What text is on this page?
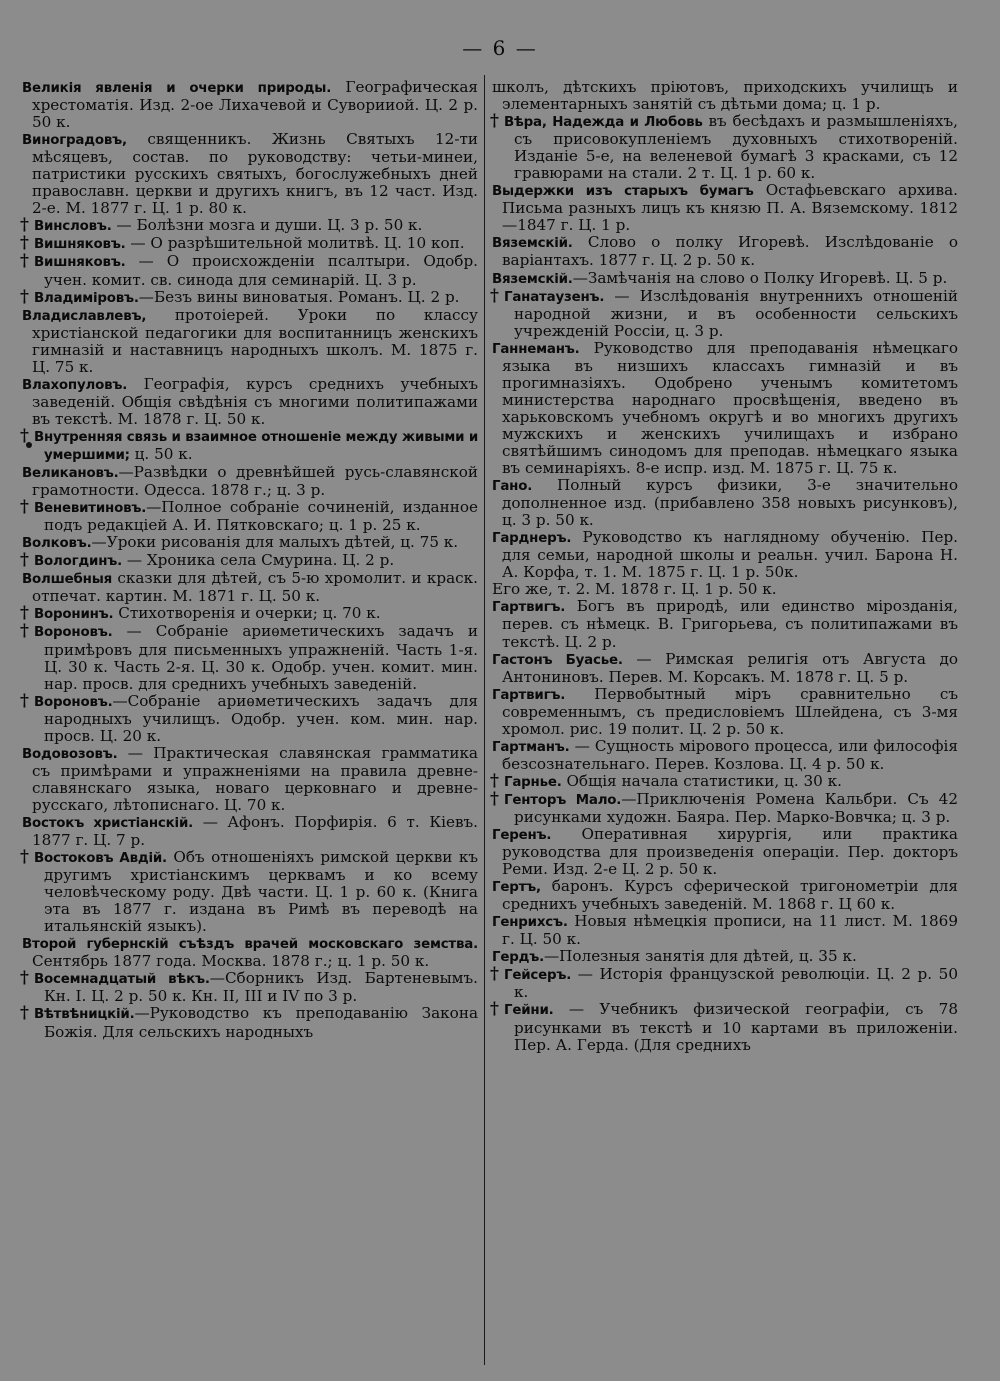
— 6 —
Великія явленія и очерки природы. Географическая хрестоматія. Изд. 2-ое Лихачевой и Суворииой. Ц. 2 р. 50 к.
Виноградовъ, священникъ. Жизнь Святыхъ 12-ти мѣсяцевъ, состав. по руководству: четьи-минеи, патристики русскихъ святыхъ, богослужебныхъ дней православн. церкви и другихъ книгъ, въ 12 част. Изд. 2-е. М. 1877 г. Ц. 1 р. 80 к.
† Винсловъ. — Болѣзни мозга и души. Ц. 3 р. 50 к.
† Вишняковъ. — О разрѣшительной молитвѣ. Ц. 10 коп.
† Вишняковъ. — О происхожденіи псалтыри. Одобр. учен. комит. св. синода для семинарій. Ц. 3 р.
† Владиміровъ.—Безъ вины виноватыя. Романъ. Ц. 2 р.
Владиславлевъ, протоіерей. Уроки по классу христіанской педагогики для воспитанницъ женскихъ гимназій и наставницъ народныхъ школъ. М. 1875 г. Ц. 75 к.
Влахопуловъ. Географія, курсъ среднихъ учебныхъ заведеній. Общія свѣдѣнія съ многими политипажами въ текстѣ. М. 1878 г. Ц. 50 к.
† Внутренняя связь и взаимное отношеніе между живыми и умершими; ц. 50 к.
Великановъ.—Развѣдки о древнѣйшей русь-славянской грамотности. Одесса. 1878 г.; ц. 3 р.
† Веневитиновъ.—Полное собраніе сочиненій, изданное подъ редакціей А. И. Пятковскаго; ц. 1 р. 25 к.
Волковъ.—Уроки рисованія для малыхъ дѣтей, ц. 75 к.
† Вологдинъ. — Хроника села Смурина. Ц. 2 р.
Волшебныя сказки для дѣтей, съ 5-ю хромолит. и краск. отпечат. картин. М. 1871 г. Ц. 50 к.
† Воронинъ. Стихотворенія и очерки; ц. 70 к.
† Вороновъ. — Собраніе ариѳметическихъ задачъ и примѣровъ для письменныхъ упражненій. Часть 1-я. Ц. 30 к. Часть 2-я. Ц. 30 к. Одобр. учен. комит. мин. нар. просв. для среднихъ учебныхъ заведеній.
† Вороновъ.—Собраніе ариѳметическихъ задачъ для народныхъ училищъ. Одобр. учен. ком. мин. нар. просв. Ц. 20 к.
Водовозовъ. — Практическая славянская грамматика съ примѣрами и упражненіями на правила древне-славянскаго языка, новаго церковнаго и древне-русскаго, лѣтописнаго. Ц. 70 к.
Востокъ христіанскій. — Афонъ. Порфирія. 6 т. Кіевъ. 1877 г. Ц. 7 р.
† Востоковъ Авдій. Объ отношеніяхъ римской церкви къ другимъ христіанскимъ церквамъ и ко всему человѣческому роду. Двѣ части. Ц. 1 р. 60 к. (Книга эта въ 1877 г. издана въ Римѣ въ переводѣ на итальянскій языкъ).
Второй губернскій съѣздъ врачей московскаго земства. Сентябрь 1877 года. Москва. 1878 г.; ц. 1 р. 50 к.
† Восемнадцатый вѣкъ.—Сборникъ Изд. Бартеневымъ. Кн. I. Ц. 2 р. 50 к. Кн. II, III и IV по 3 р.
† Вѣтвѣницкій.—Руководство къ преподаванію Закона Божія. Для сельскихъ народныхъ
школъ, дѣтскихъ пріютовъ, приходскихъ училищъ и элементарныхъ занятій съ дѣтьми дома; ц. 1 р.
† Вѣра, Надежда и Любовь въ бесѣдахъ и размышленіяхъ, съ присовокупленіемъ духовныхъ стихотвореній. Изданіе 5-е, на веленевой бумагѣ 3 красками, съ 12 гравюрами на стали. 2 т. Ц. 1 р. 60 к.
Выдержки изъ старыхъ бумагъ Остафьевскаго архива. Письма разныхъ лицъ къ князю П. А. Вяземскому. 1812—1847 г. Ц. 1 р.
Вяземскій. Слово о полку Игоревѣ. Изслѣдованіе о варіантахъ. 1877 г. Ц. 2 р. 50 к.
Вяземскій.—Замѣчанія на слово о Полку Игоревѣ. Ц. 5 р.
† Ганатаузенъ. — Изслѣдованія внутреннихъ отношеній народной жизни, и въ особенности сельскихъ учрежденій Россіи, ц. 3 р.
Ганнеманъ. Руководство для преподаванія нѣмецкаго языка въ низшихъ классахъ гимназій и въ прогимназіяхъ. Одобрено ученымъ комитетомъ министерства народнаго просвѣщенія, введено въ харьковскомъ учебномъ округѣ и во многихъ другихъ мужскихъ и женскихъ училищахъ и избрано святѣйшимъ синодомъ для преподав. нѣмецкаго языка въ семинаріяхъ. 8-е испр. изд. М. 1875 г. Ц. 75 к.
Гано. Полный курсъ физики, 3-е значительно дополненное изд. (прибавлено 358 новыхъ рисунковъ), ц. 3 р. 50 к.
Гарднеръ. Руководство къ наглядному обученію. Пер. для семьи, народной школы и реальн. учил. Барона Н. А. Корфа, т. 1. М. 1875 г. Ц. 1 р. 50к.
Его же, т. 2. М. 1878 г. Ц. 1 р. 50 к.
Гартвигъ. Богъ въ природѣ, или единство мірозданія, перев. съ нѣмецк. В. Григорьева, съ политипажами въ текстѣ. Ц. 2 р.
Гастонъ Буасье. — Римская религія отъ Августа до Антониновъ. Перев. М. Корсакъ. М. 1878 г. Ц. 5 р.
Гартвигъ. Первобытный міръ сравнительно съ современнымъ, съ предисловіемъ Шлейдена, съ 3-мя хромол. рис. 19 полит. Ц. 2 р. 50 к.
Гартманъ. — Сущность мірового процесса, или философія безсознательнаго. Перев. Козлова. Ц. 4 р. 50 к.
† Гарнье. Общія начала статистики, ц. 30 к.
† Генторъ Мало.—Приключенія Ромена Кальбри. Съ 42 рисунками художн. Баяра. Пер. Марко-Вовчка; ц. 3 р.
Геренъ. Оперативная хирургія, или практика руководства для произведенія операціи. Пер. докторъ Реми. Изд. 2-е Ц. 2 р. 50 к.
Гертъ, баронъ. Курсъ сферической тригонометріи для среднихъ учебныхъ заведеній. М. 1868 г. Ц 60 к.
Генрихсъ. Новыя нѣмецкія прописи, на 11 лист. М. 1869 г. Ц. 50 к.
Гердъ.—Полезныя занятія для дѣтей, ц. 35 к.
† Гейсеръ. — Исторія французской революціи. Ц. 2 р. 50 к.
† Гейни. — Учебникъ физической географіи, съ 78 рисунками въ текстѣ и 10 картами въ приложеніи. Пер. А. Герда. (Для среднихъ
